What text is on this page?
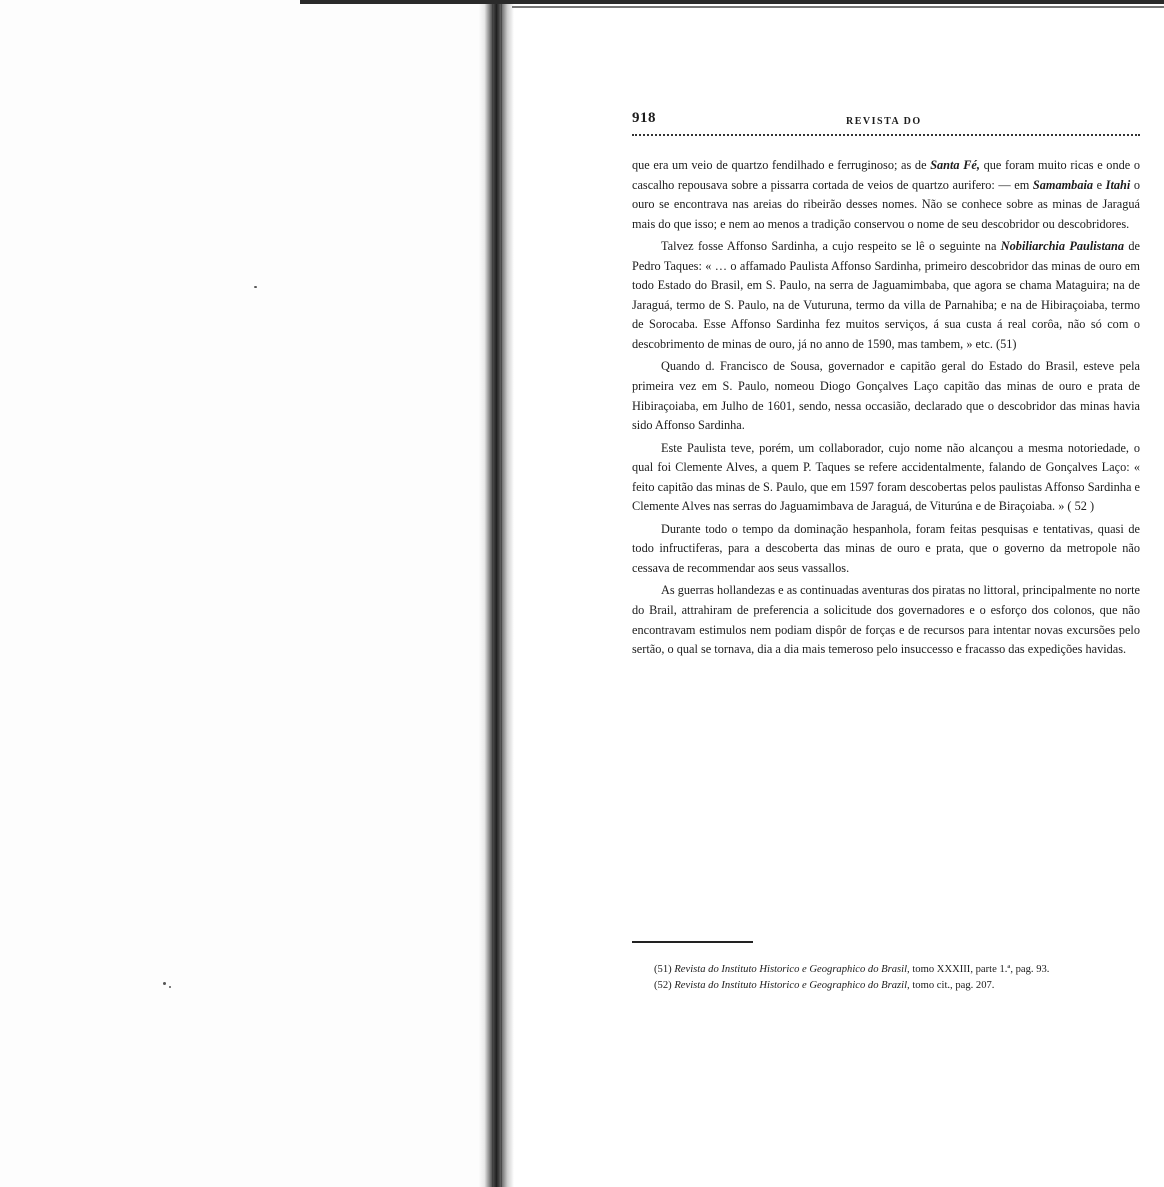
918	REVISTA DO

que era um veio de quartzo fendilhado e ferruginoso; as de Santa Fé, que foram muito ricas e onde o cascalho repousava sobre a pissarra cortada de veios de quartzo aurifero: — em Samambaia e Itahi o ouro se encontrava nas areias do ribeirão desses nomes. Não se conhece sobre as minas de Jaraguá mais do que isso; e nem ao menos a tradição conservou o nome de seu descobridor ou descobridores.

Talvez fosse Affonso Sardinha, a cujo respeito se lê o seguinte na Nobiliarchia Paulistana de Pedro Taques: « … o affamado Paulista Affonso Sardinha, primeiro descobridor das minas de ouro em todo Estado do Brasil, em S. Paulo, na serra de Jaguamimbaba, que agora se chama Mataguira; na de Jaraguá, termo de S. Paulo, na de Vuturuna, termo da villa de Parnahiba; e na de Hibiraçoiaba, termo de Sorocaba. Esse Affonso Sardinha fez muitos serviços, á sua custa á real corôa, não só com o descobrimento de minas de ouro, já no anno de 1590, mas tambem, » etc. (51)

Quando d. Francisco de Sousa, governador e capitão geral do Estado do Brasil, esteve pela primeira vez em S. Paulo, nomeou Diogo Gonçalves Laço capitão das minas de ouro e prata de Hibiraçoiaba, em Julho de 1601, sendo, nessa occasião, declarado que o descobridor das minas havia sido Affonso Sardinha.

Este Paulista teve, porém, um collaborador, cujo nome não alcançou a mesma notoriedade, o qual foi Clemente Alves, a quem P. Taques se refere accidentalmente, falando de Gonçalves Laço: « feito capitão das minas de S. Paulo, que em 1597 foram descobertas pelos paulistas Affonso Sardinha e Clemente Alves nas serras do Jaguamimbava de Jaraguá, de Viturúna e de Biraçoiaba. » ( 52 )

Durante todo o tempo da dominação hespanhola, foram feitas pesquisas e tentativas, quasi de todo infructiferas, para a descoberta das minas de ouro e prata, que o governo da metropole não cessava de recommendar aos seus vassallos.

As guerras hollandezas e as continuadas aventuras dos piratas no littoral, principalmente no norte do Brail, attrahiram de preferencia a solicitude dos governadores e o esforço dos colonos, que não encontravam estimulos nem podiam dispôr de forças e de recursos para intentar novas excursões pelo sertão, o qual se tornava, dia a dia mais temeroso pelo insuccesso e fracasso das expedições havidas.

(51) Revista do Instituto Historico e Geographico do Brasil, tomo XXXIII, parte 1.ª, pag. 93.

(52) Revista do Instituto Historico e Geographico do Brazil, tomo cit., pag. 207.
